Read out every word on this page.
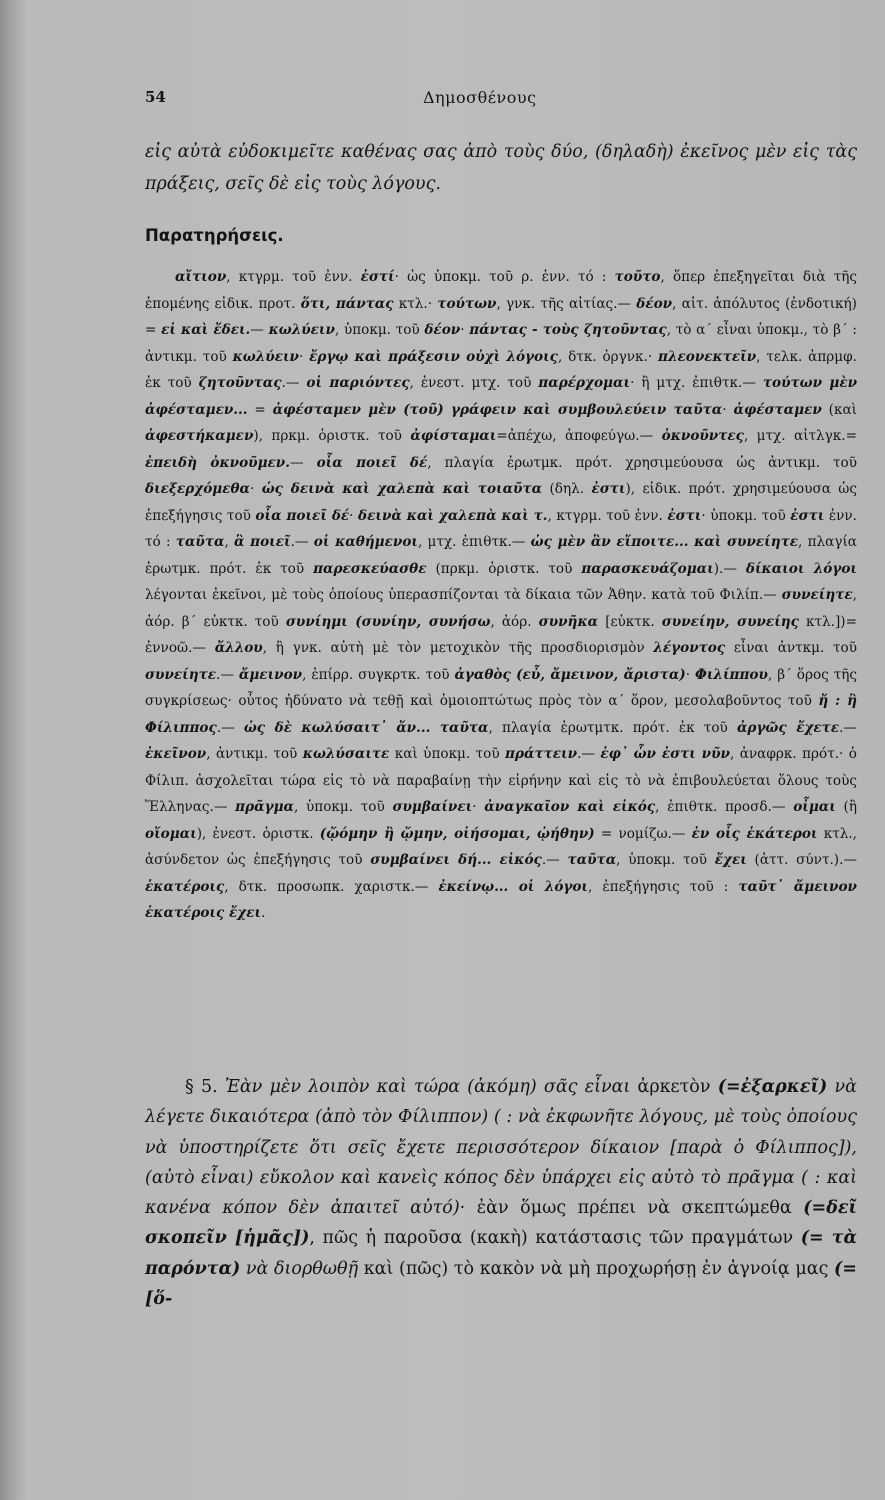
54	Δημοσθένους

εἰς αὐτὰ εὐδοκιμεῖτε καθένας σας ἀπὸ τοὺς δύο, (δηλαδὴ) ἐκεῖνος μὲν εἰς τὰς πράξεις, σεῖς δὲ εἰς τοὺς λόγους.

Παρατηρήσεις.

αἴτιον, κτγρμ. τοῦ ἐνν. ἐστί· ὡς ὑποκμ. τοῦ ρ. ἐνν. τό : τοῦτο, ὅπερ ἐπεξηγεῖται διὰ τῆς ἑπομένης εἰδικ. προτ. ὅτι, πάντας κτλ.· τούτων, γνκ. τῆς αἰτίας.— δέον, αἰτ. ἀπόλυτος (ἐνδοτική) = εἰ καὶ ἔδει.— κωλύειν, ὑποκμ. τοῦ δέον· πάντας - τοὺς ζητοῦντας, τὸ α΄ εἶναι ὑποκμ., τὸ β΄ : ἀντικμ. τοῦ κωλύειν· ἔργῳ καὶ πράξεσιν οὐχὶ λόγοις, δτκ. ὀργνκ.· πλεονεκτεῖν, τελκ. ἀπρμφ. ἐκ τοῦ ζητοῦντας.— οἱ παριόντες, ἐνεστ. μτχ. τοῦ παρέρχομαι· ἢ μτχ. ἐπιθτκ.— τούτων μὲν ἀφέσταμεν... = ἀφέσταμεν μὲν (τοῦ) γράφειν καὶ συμβουλεύειν ταῦτα· ἀφέσταμεν (καὶ ἀφεστήκαμεν), πρκμ. ὁριστκ. τοῦ ἀφίσταμαι=ἀπέχω, ἀποφεύγω.— ὀκνοῦντες, μτχ. αἰτλγκ.= ἐπειδὴ ὀκνοῦμεν.— οἷα ποιεῖ δέ, πλαγία ἐρωτμκ. πρότ. χρησιμεύουσα ὡς ἀντικμ. τοῦ διεξερχόμεθα· ὡς δεινὰ καὶ χαλεπὰ καὶ τοιαῦτα (δηλ. ἐστι), εἰδικ. πρότ. χρησιμεύουσα ὡς ἐπεξήγησις τοῦ οἷα ποιεῖ δέ· δεινὰ καὶ χαλεπὰ καὶ τ., κτγρμ. τοῦ ἐνν. ἐστι· ὑποκμ. τοῦ ἐστι ἐνν. τό : ταῦτα, ἃ ποιεῖ.— οἱ καθήμενοι, μτχ. ἐπιθτκ.— ὡς μὲν ἂν εἴποιτε... καὶ συνείητε, πλαγία ἐρωτμκ. πρότ. ἐκ τοῦ παρεσκεύασθε (πρκμ. ὁριστκ. τοῦ παρασκευάζομαι).— δίκαιοι λόγοι λέγονται ἐκεῖνοι, μὲ τοὺς ὁποίους ὑπερασπίζονται τὰ δίκαια τῶν Ἀθην. κατὰ τοῦ Φιλίπ.— συνείητε, ἀόρ. β΄ εὐκτκ. τοῦ συνίημι (συνίην, συνήσω, ἀόρ. συνῆκα [εὐκτκ. συνείην, συνείης κτλ.])= ἐννοῶ.— ἄλλου, ἢ γνκ. αὐτὴ μὲ τὸν μετοχικὸν τῆς προσδιορισμὸν λέγοντος εἶναι ἀντκμ. τοῦ συνείητε.— ἄμεινον, ἐπίρρ. συγκρτκ. τοῦ ἀγαθὸς (εὖ, ἄμεινον, ἄριστα)· Φιλίππου, β΄ ὅρος τῆς συγκρίσεως· οὗτος ἠδύνατο νὰ τεθῇ καὶ ὁμοιοπτώτως πρὸς τὸν α΄ ὅρον, μεσολαβοῦντος τοῦ ἤ : ἢ Φίλιππος.— ὡς δὲ κωλύσαιτ᾽ ἄν... ταῦτα, πλαγία ἐρωτμτκ. πρότ. ἐκ τοῦ ἀργῶς ἔχετε.— ἐκεῖνον, ἀντικμ. τοῦ κωλύσαιτε καὶ ὑποκμ. τοῦ πράττειν.— ἐφ᾽ ὧν ἐστι νῦν, ἀναφρκ. πρότ.· ὁ Φίλιπ. ἀσχολεῖται τώρα εἰς τὸ νὰ παραβαίνῃ τὴν εἰρήνην καὶ εἰς τὸ νὰ ἐπιβουλεύεται ὅλους τοὺς Ἕλληνας.— πρᾶγμα, ὑποκμ. τοῦ συμβαίνει· ἀναγκαῖον καὶ εἰκός, ἐπιθτκ. προσδ.— οἶμαι (ἢ οἴομαι), ἐνεστ. ὁριστκ. (ᾤόμην ἢ ᾤμην, οἰήσομαι, ᾠήθην) = νομίζω.— ἐν οἷς ἑκάτεροι κτλ., ἀσύνδετον ὡς ἐπεξήγησις τοῦ συμβαίνει δή... εἰκός.— ταῦτα, ὑποκμ. τοῦ ἔχει (ἀττ. σύντ.).— ἑκατέροις, δτκ. προσωπκ. χαριστκ.— ἐκείνῳ... οἱ λόγοι, ἐπεξήγησις τοῦ : ταῦτ᾽ ἄμεινον ἑκατέροις ἔχει.

§ 5. Ἐὰν μὲν λοιπὸν καὶ τώρα (ἀκόμη) σᾶς εἶναι ἀρκετὸν (=ἐξαρκεῖ) νὰ λέγετε δικαιότερα (ἀπὸ τὸν Φίλιππον) ( : νὰ ἐκφωνῆτε λόγους, μὲ τοὺς ὁποίους νὰ ὑποστηρίζετε ὅτι σεῖς ἔχετε περισσότερον δίκαιον [παρὰ ὁ Φίλιππος]), (αὐτὸ εἶναι) εὔκολον καὶ κανεὶς κόπος δὲν ὑπάρχει εἰς αὐτὸ τὸ πρᾶγμα ( : καὶ κανένα κόπον δὲν ἀπαιτεῖ αὐτό)· ἐὰν ὅμως πρέπει νὰ σκεπτώμεθα (=δεῖ σκοπεῖν [ἡμᾶς]), πῶς ἡ παροῦσα (κακὴ) κατάστασις τῶν πραγμάτων (= τὰ παρόντα) νὰ διορθωθῇ καὶ (πῶς) τὸ κακὸν νὰ μὴ προχωρήσῃ ἐν ἀγνοίᾳ μας (= [ὅ-
